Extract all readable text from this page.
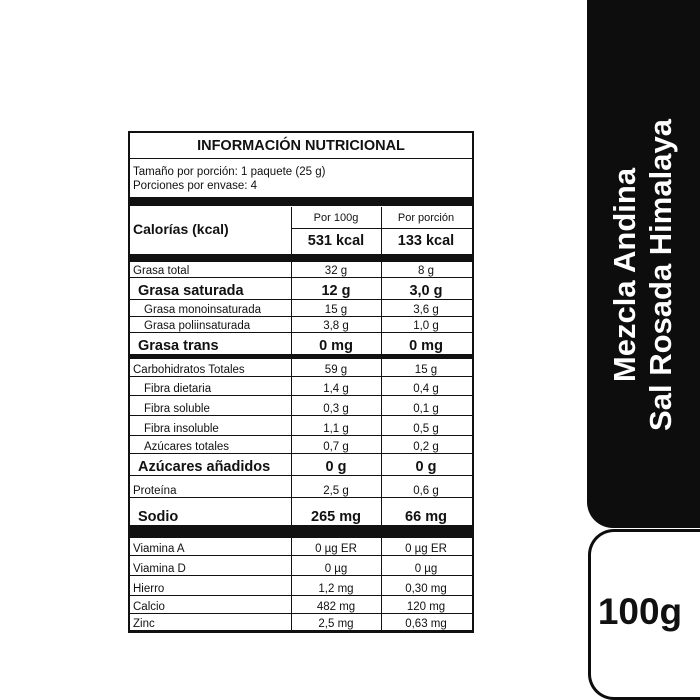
INFORMACIÓN NUTRICIONAL
Tamaño por porción: 1 paquete (25 g)
Porciones por envase: 4
Calorías (kcal)
Por 100g	Por porción
531 kcal	133 kcal
Grasa total	32 g	8 g
Grasa saturada	12 g	3,0 g
Grasa monoinsaturada	15 g	3,6 g
Grasa poliinsaturada	3,8 g	1,0 g
Grasa trans	0 mg	0 mg
Carbohidratos Totales	59 g	15 g
Fibra dietaria	1,4 g	0,4 g
Fibra soluble	0,3 g	0,1 g
Fibra insoluble	1,1 g	0,5 g
Azúcares totales	0,7 g	0,2 g
Azúcares añadidos	0 g	0 g
Proteína	2,5 g	0,6 g
Sodio	265 mg	66 mg
Viamina A	0 µg ER	0 µg ER
Viamina D	0 µg	0 µg
Hierro	1,2 mg	0,30 mg
Calcio	482 mg	120 mg
Zinc	2,5 mg	0,63 mg
Mezcla Andina Sal Rosada Himalaya
100g
